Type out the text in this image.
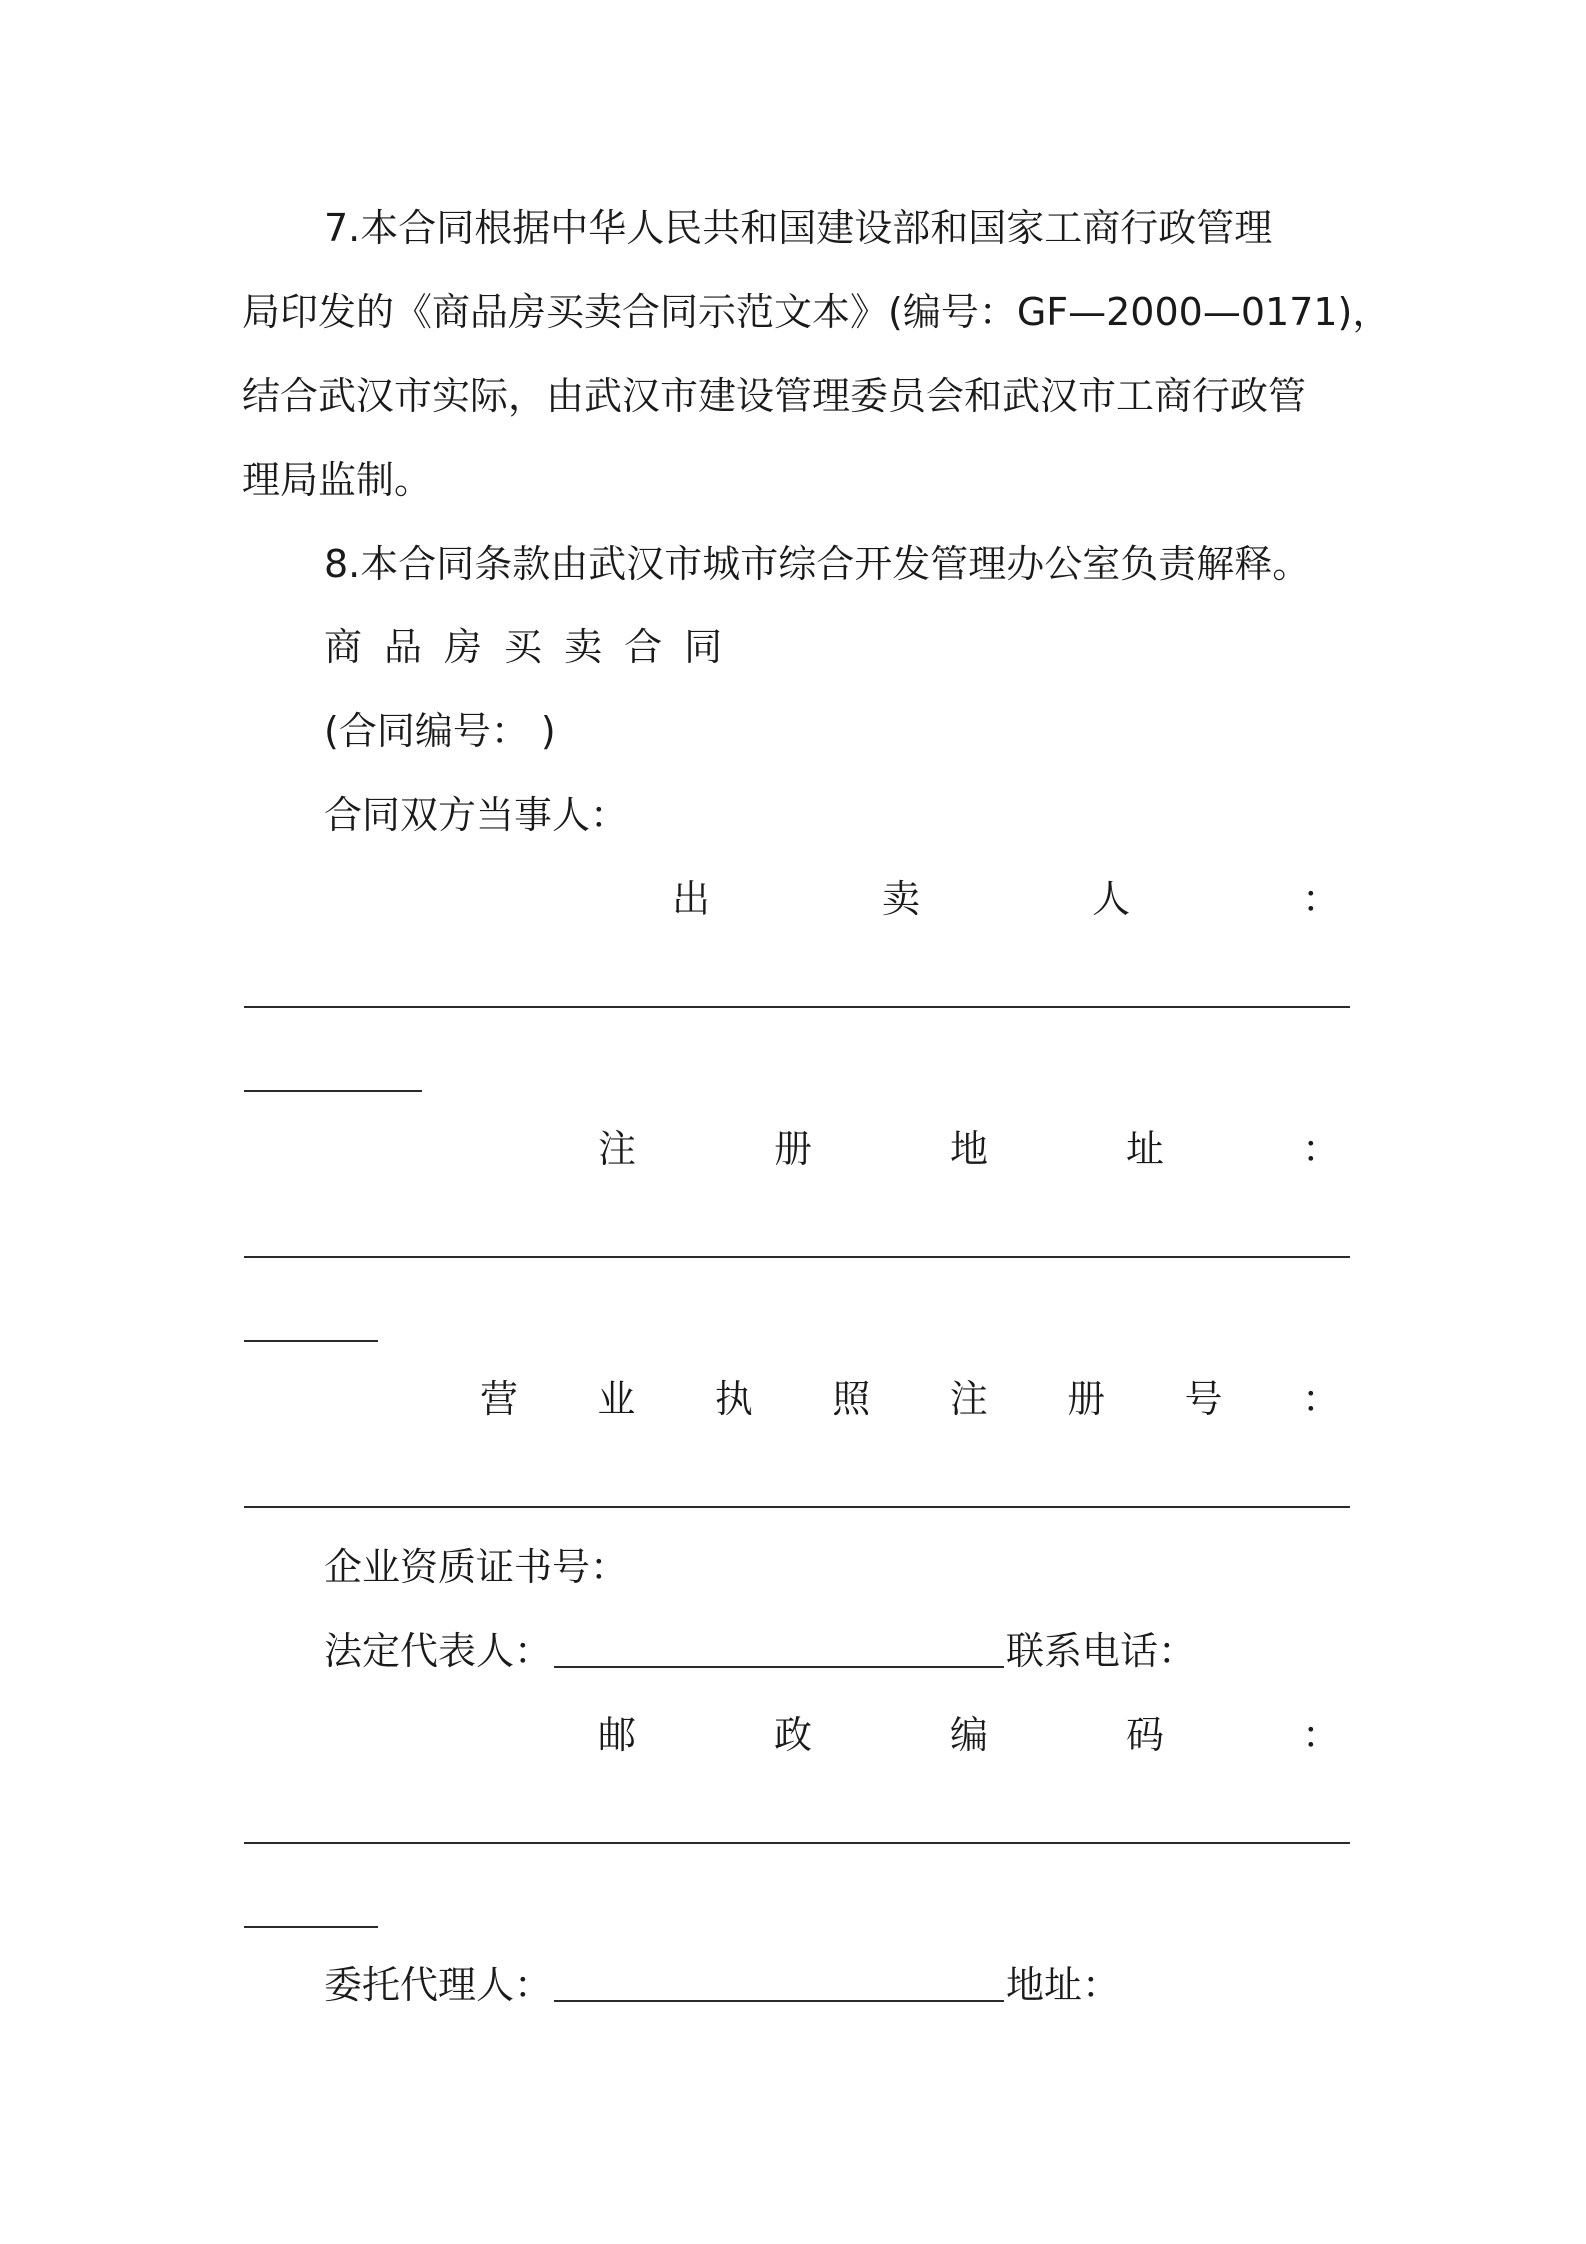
7.本合同根据中华人民共和国建设部和国家工商行政管理
局印发的《商品房买卖合同示范文本》(编号：GF—2000—0171)，
结合武汉市实际，由武汉市建设管理委员会和武汉市工商行政管
理局监制。
8.本合同条款由武汉市城市综合开发管理办公室负责解释。
商 品 房 买 卖 合 同
(合同编号： )
合同双方当事人：
出	卖	人	：
注	册	地	址	：
营 业 执 照 注 册 号 ：
企业资质证书号：
法定代表人：	联系电话：
邮	政	编	码	：
委托代理人：	地址：
